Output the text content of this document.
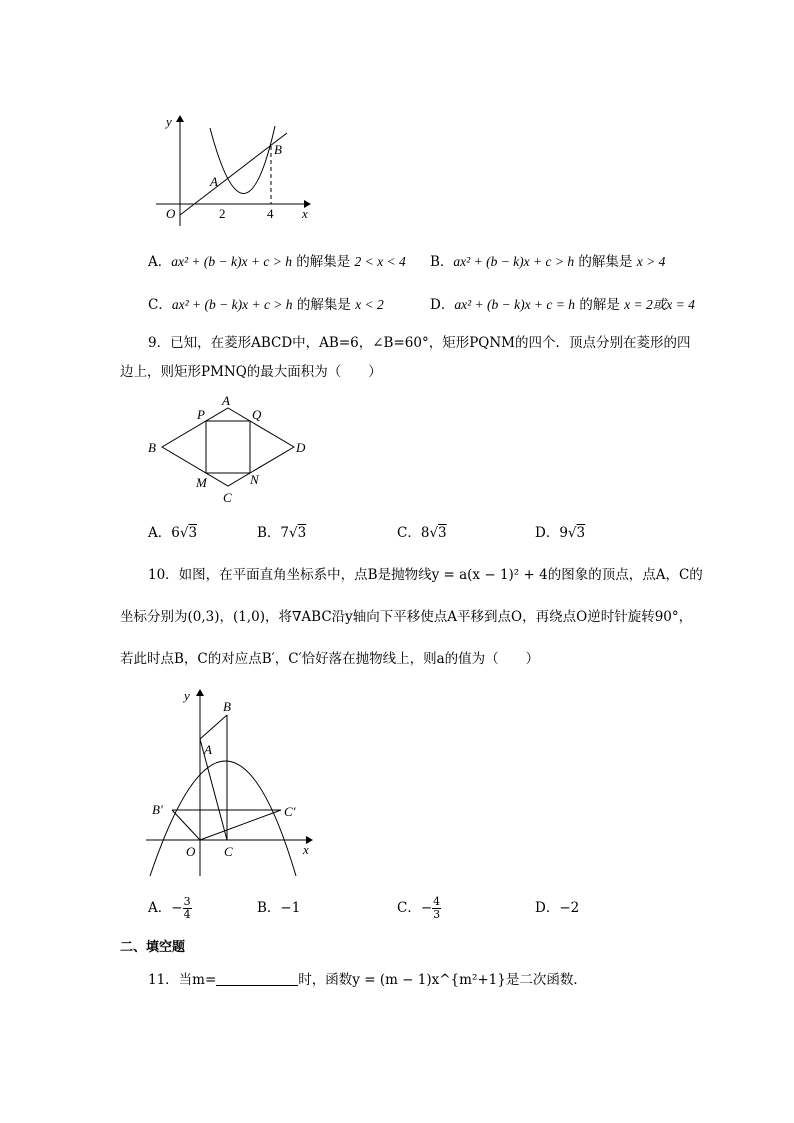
y
x
O
A
B
2	4
A．ax² + (b − k)x + c > h 的解集是 2 < x < 4 B．ax² + (b − k)x + c > h 的解集是 x > 4
C．ax² + (b − k)x + c > h 的解集是 x < 2	D．ax² + (b − k)x + c = h 的解是 x = 2或x = 4
9．已知，在菱形ABCD中，AB=6，∠B=60°，矩形PQNM的四个．顶点分别在菱形的四
边上，则矩形PMNQ的最大面积为（　　）
A
B
C
D
P	Q
M	N
A．6√3	B．7√3	C．8√3	D．9√3
10．如图，在平面直角坐标系中，点B是抛物线y = a(x − 1)² + 4的图象的顶点，点A，C的
坐标分别为(0,3)，(1,0)，将∇ABC沿y轴向下平移使点A平移到点O，再绕点O逆时针旋转90°，
若此时点B，C的对应点B′，C′恰好落在抛物线上，则a的值为（　　）
y
x
O
A
B
C
B′	C′
A．− $\frac{3}{4}$	B．−1	C．− $\frac{4}{3}$	D．−2
二、填空题
11．当m=	时，函数y = (m − 1)x^{m²+1}是二次函数．
